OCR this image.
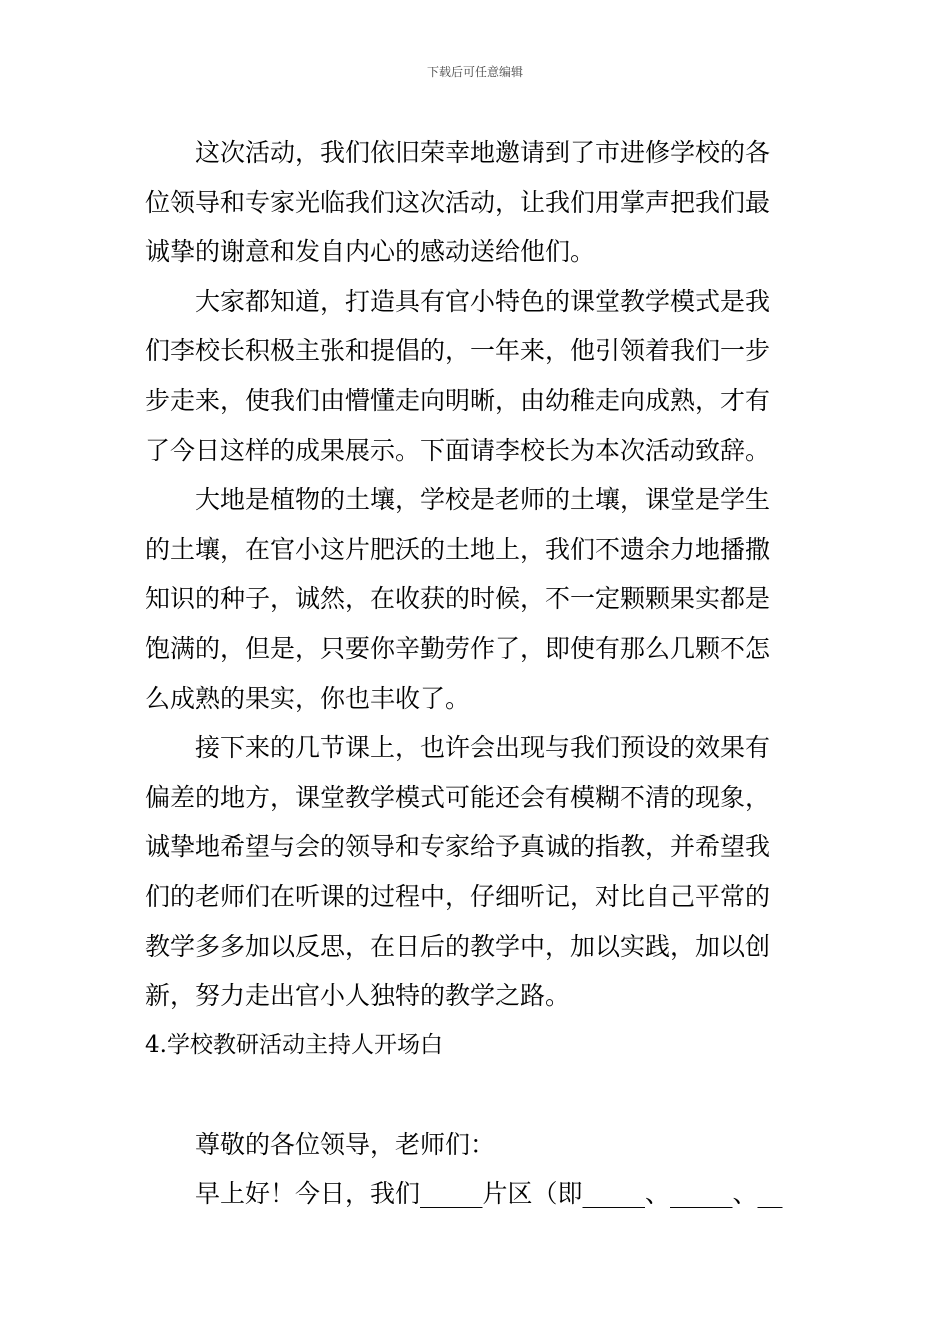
下载后可任意编辑
这次活动，我们依旧荣幸地邀请到了市进修学校的各
位领导和专家光临我们这次活动，让我们用掌声把我们最
诚挚的谢意和发自内心的感动送给他们。
大家都知道，打造具有官小特色的课堂教学模式是我
们李校长积极主张和提倡的，一年来，他引领着我们一步
步走来，使我们由懵懂走向明晰，由幼稚走向成熟，才有
了今日这样的成果展示。下面请李校长为本次活动致辞。
大地是植物的土壤，学校是老师的土壤，课堂是学生
的土壤，在官小这片肥沃的土地上，我们不遗余力地播撒
知识的种子，诚然，在收获的时候，不一定颗颗果实都是
饱满的，但是，只要你辛勤劳作了，即使有那么几颗不怎
么成熟的果实，你也丰收了。
接下来的几节课上，也许会出现与我们预设的效果有
偏差的地方，课堂教学模式可能还会有模糊不清的现象，
诚挚地希望与会的领导和专家给予真诚的指教，并希望我
们的老师们在听课的过程中，仔细听记，对比自己平常的
教学多多加以反思，在日后的教学中，加以实践，加以创
新，努力走出官小人独特的教学之路。
4.学校教研活动主持人开场白
尊敬的各位领导，老师们：
早上好！今日，我们_____片区（即_____、_____、__
